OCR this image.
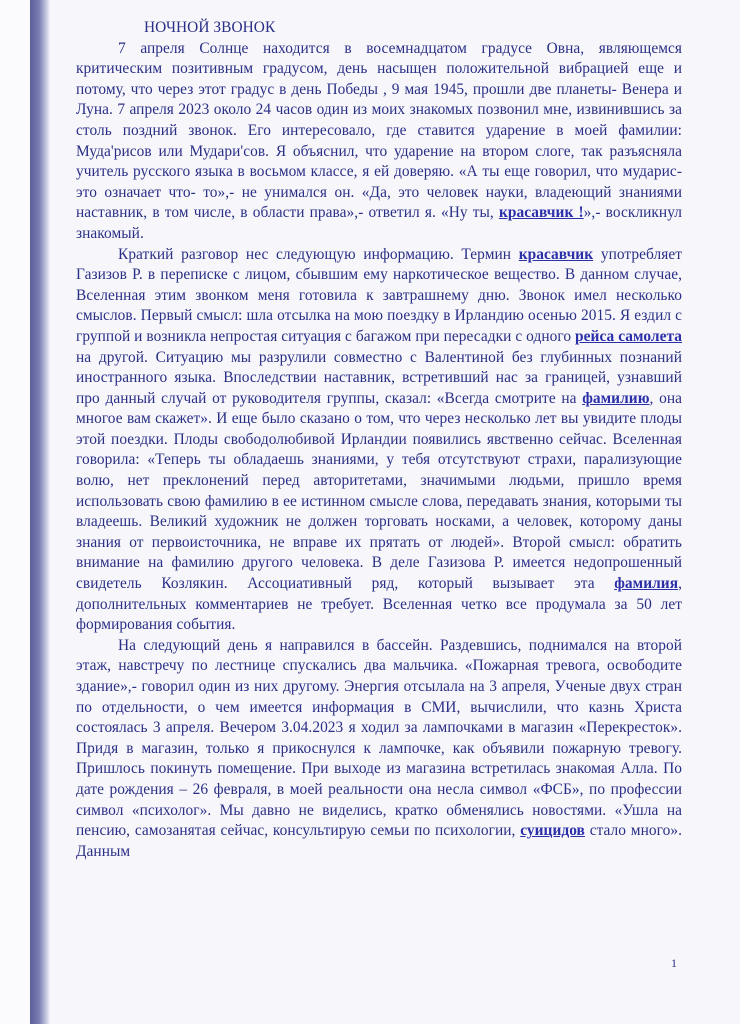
НОЧНОЙ ЗВОНОК

7 апреля Солнце находится в восемнадцатом градусе Овна, являющемся критическим позитивным градусом, день насыщен положительной вибрацией еще и потому, что через этот градус в день Победы , 9 мая 1945, прошли две планеты- Венера и Луна. 7 апреля 2023 около 24 часов один из моих знакомых позвонил мне, извинившись за столь поздний звонок. Его интересовало, где ставится ударение в моей фамилии: Муда'рисов или Мудари'сов. Я объяснил, что ударение на втором слоге, так разъясняла учитель русского языка в восьмом классе, я ей доверяю. «А ты еще говорил, что мударис- это означает что- то»,- не унимался он. «Да, это человек науки, владеющий знаниями наставник, в том числе, в области права»,- ответил я. «Ну ты, красавчик !»,- воскликнул знакомый.

Краткий разговор нес следующую информацию. Термин красавчик употребляет Газизов Р. в переписке с лицом, сбывшим ему наркотическое вещество. В данном случае, Вселенная этим звонком меня готовила к завтрашнему дню. Звонок имел несколько смыслов. Первый смысл: шла отсылка на мою поездку в Ирландию осенью 2015. Я ездил с группой и возникла непростая ситуация с багажом при пересадки с одного рейса самолета на другой. Ситуацию мы разрулили совместно с Валентиной без глубинных познаний иностранного языка. Впоследствии наставник, встретивший нас за границей, узнавший про данный случай от руководителя группы, сказал: «Всегда смотрите на фамилию, она многое вам скажет». И еще было сказано о том, что через несколько лет вы увидите плоды этой поездки. Плоды свободолюбивой Ирландии появились явственно сейчас. Вселенная говорила: «Теперь ты обладаешь знаниями, у тебя отсутствуют страхи, парализующие волю, нет преклонений перед авторитетами, значимыми людьми, пришло время использовать свою фамилию в ее истинном смысле слова, передавать знания, которыми ты владеешь. Великий художник не должен торговать носками, а человек, которому даны знания от первоисточника, не вправе их прятать от людей». Второй смысл: обратить внимание на фамилию другого человека. В деле Газизова Р. имеется недопрошенный свидетель Козлякин. Ассоциативный ряд, который вызывает эта фамилия, дополнительных комментариев не требует. Вселенная четко все продумала за 50 лет формирования события.

На следующий день я направился в бассейн. Раздевшись, поднимался на второй этаж, навстречу по лестнице спускались два мальчика. «Пожарная тревога, освободите здание»,- говорил один из них другому. Энергия отсылала на 3 апреля, Ученые двух стран по отдельности, о чем имеется информация в СМИ, вычислили, что казнь Христа состоялась 3 апреля. Вечером 3.04.2023 я ходил за лампочками в магазин «Перекресток». Придя в магазин, только я прикоснулся к лампочке, как объявили пожарную тревогу. Пришлось покинуть помещение. При выходе из магазина встретилась знакомая Алла. По дате рождения – 26 февраля, в моей реальности она несла символ «ФСБ», по профессии символ «психолог». Мы давно не виделись, кратко обменялись новостями. «Ушла на пенсию, самозанятая сейчас, консультирую семьи по психологии, суицидов стало много». Данным

1
